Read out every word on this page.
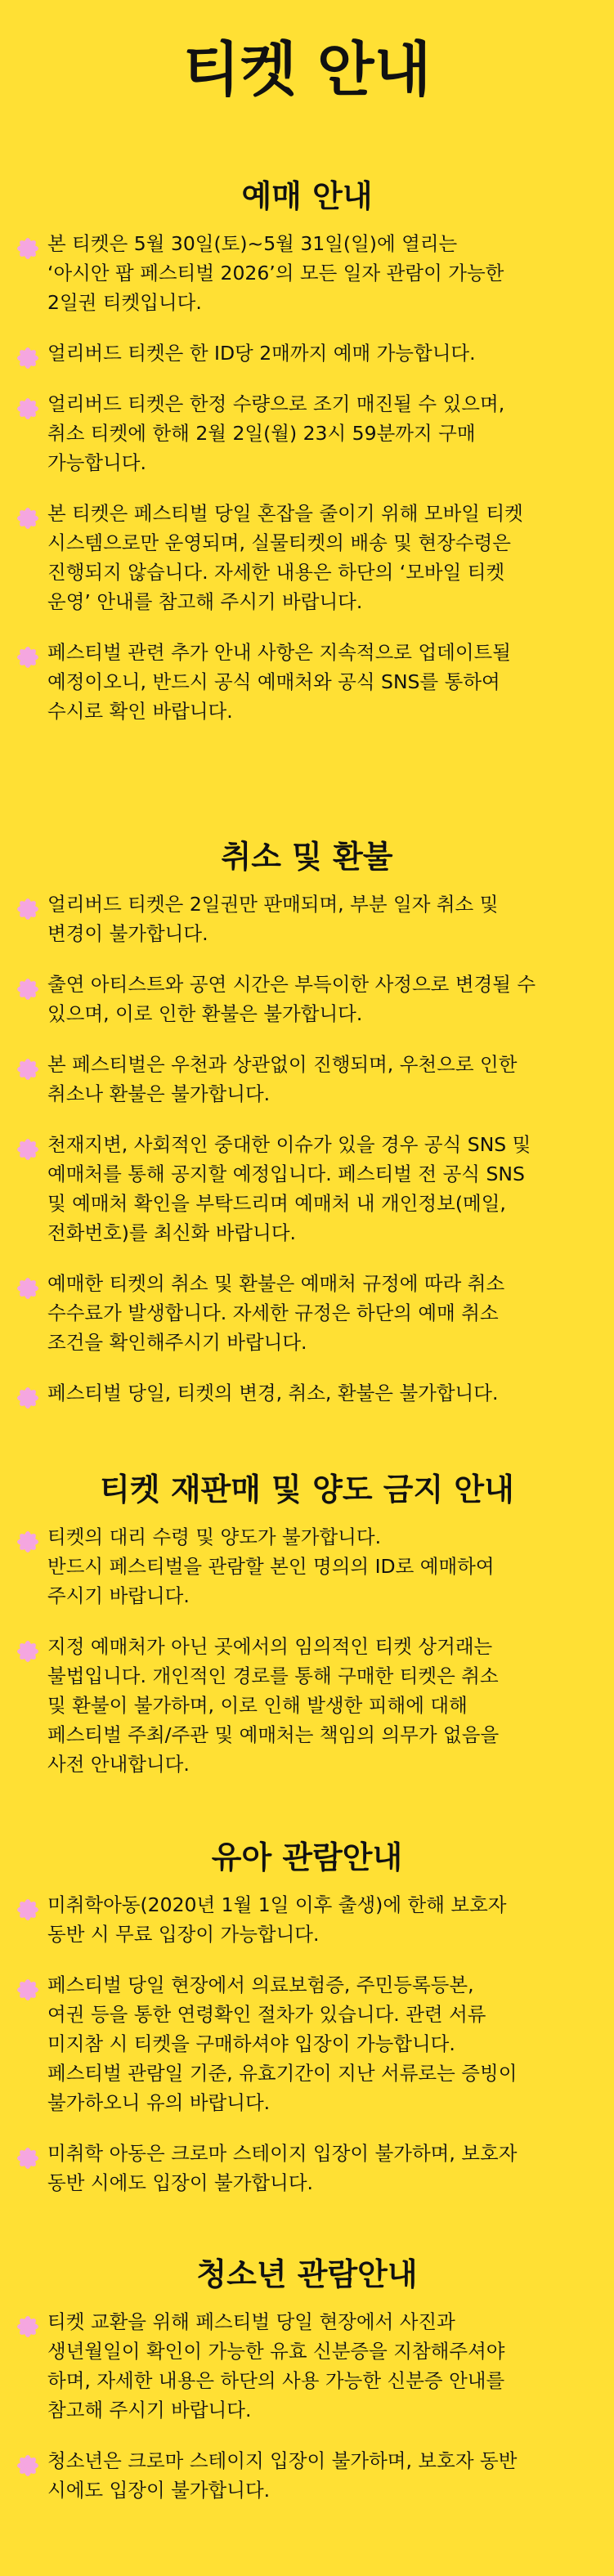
티켓 안내
예매 안내
본 티켓은 5월 30일(토)~5월 31일(일)에 열리는
‘아시안 팝 페스티벌 2026’의 모든 일자 관람이 가능한
2일권 티켓입니다.
얼리버드 티켓은 한 ID당 2매까지 예매 가능합니다.
얼리버드 티켓은 한정 수량으로 조기 매진될 수 있으며,
취소 티켓에 한해 2월 2일(월) 23시 59분까지 구매
가능합니다.
본 티켓은 페스티벌 당일 혼잡을 줄이기 위해 모바일 티켓
시스템으로만 운영되며, 실물티켓의 배송 및 현장수령은
진행되지 않습니다. 자세한 내용은 하단의 ‘모바일 티켓
운영’ 안내를 참고해 주시기 바랍니다.
페스티벌 관련 추가 안내 사항은 지속적으로 업데이트될
예정이오니, 반드시 공식 예매처와 공식 SNS를 통하여
수시로 확인 바랍니다.
취소 및 환불
얼리버드 티켓은 2일권만 판매되며, 부분 일자 취소 및
변경이 불가합니다.
출연 아티스트와 공연 시간은 부득이한 사정으로 변경될 수
있으며, 이로 인한 환불은 불가합니다.
본 페스티벌은 우천과 상관없이 진행되며, 우천으로 인한
취소나 환불은 불가합니다.
천재지변, 사회적인 중대한 이슈가 있을 경우 공식 SNS 및
예매처를 통해 공지할 예정입니다. 페스티벌 전 공식 SNS
및 예매처 확인을 부탁드리며 예매처 내 개인정보(메일,
전화번호)를 최신화 바랍니다.
예매한 티켓의 취소 및 환불은 예매처 규정에 따라 취소
수수료가 발생합니다. 자세한 규정은 하단의 예매 취소
조건을 확인해주시기 바랍니다.
페스티벌 당일, 티켓의 변경, 취소, 환불은 불가합니다.
티켓 재판매 및 양도 금지 안내
티켓의 대리 수령 및 양도가 불가합니다.
반드시 페스티벌을 관람할 본인 명의의 ID로 예매하여
주시기 바랍니다.
지정 예매처가 아닌 곳에서의 임의적인 티켓 상거래는
불법입니다. 개인적인 경로를 통해 구매한 티켓은 취소
및 환불이 불가하며, 이로 인해 발생한 피해에 대해
페스티벌 주최/주관 및 예매처는 책임의 의무가 없음을
사전 안내합니다.
유아 관람안내
미취학아동(2020년 1월 1일 이후 출생)에 한해 보호자
동반 시 무료 입장이 가능합니다.
페스티벌 당일 현장에서 의료보험증, 주민등록등본,
여권 등을 통한 연령확인 절차가 있습니다. 관련 서류
미지참 시 티켓을 구매하셔야 입장이 가능합니다.
페스티벌 관람일 기준, 유효기간이 지난 서류로는 증빙이
불가하오니 유의 바랍니다.
미취학 아동은 크로마 스테이지 입장이 불가하며, 보호자
동반 시에도 입장이 불가합니다.
청소년 관람안내
티켓 교환을 위해 페스티벌 당일 현장에서 사진과
생년월일이 확인이 가능한 유효 신분증을 지참해주셔야
하며, 자세한 내용은 하단의 사용 가능한 신분증 안내를
참고해 주시기 바랍니다.
청소년은 크로마 스테이지 입장이 불가하며, 보호자 동반
시에도 입장이 불가합니다.
